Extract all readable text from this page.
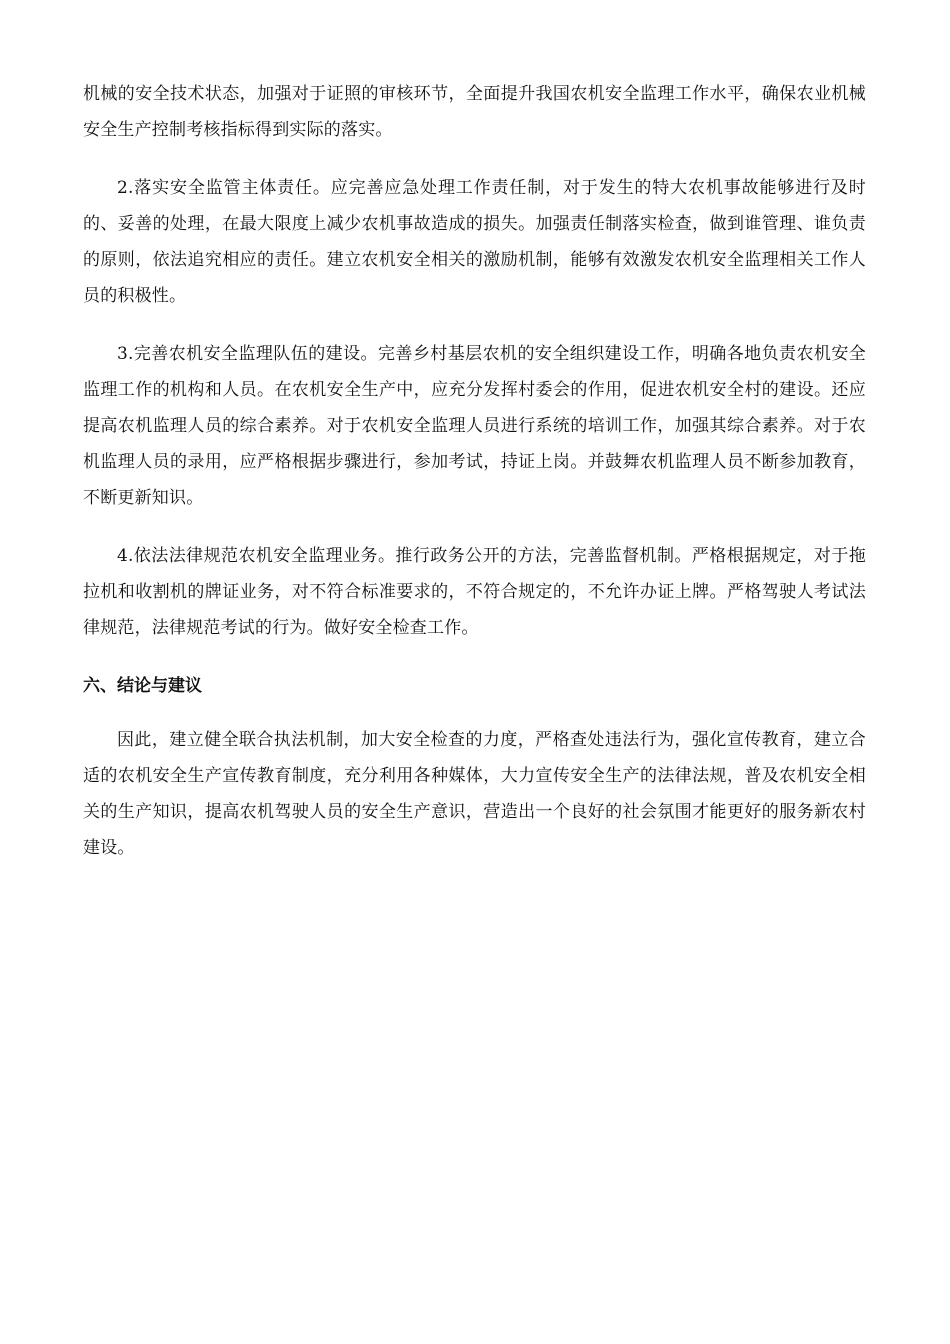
机械的安全技术状态，加强对于证照的审核环节，全面提升我国农机安全监理工作水平，确保农业机械安全生产控制考核指标得到实际的落实。

2.落实安全监管主体责任。应完善应急处理工作责任制，对于发生的特大农机事故能够进行及时的、妥善的处理，在最大限度上减少农机事故造成的损失。加强责任制落实检查，做到谁管理、谁负责的原则，依法追究相应的责任。建立农机安全相关的激励机制，能够有效激发农机安全监理相关工作人员的积极性。

3.完善农机安全监理队伍的建设。完善乡村基层农机的安全组织建设工作，明确各地负责农机安全监理工作的机构和人员。在农机安全生产中，应充分发挥村委会的作用，促进农机安全村的建设。还应提高农机监理人员的综合素养。对于农机安全监理人员进行系统的培训工作，加强其综合素养。对于农机监理人员的录用，应严格根据步骤进行，参加考试，持证上岗。并鼓舞农机监理人员不断参加教育，不断更新知识。

4.依法法律规范农机安全监理业务。推行政务公开的方法，完善监督机制。严格根据规定，对于拖拉机和收割机的牌证业务，对不符合标准要求的，不符合规定的，不允许办证上牌。严格驾驶人考试法律规范，法律规范考试的行为。做好安全检查工作。

六、结论与建议

因此，建立健全联合执法机制，加大安全检查的力度，严格查处违法行为，强化宣传教育，建立合适的农机安全生产宣传教育制度，充分利用各种媒体，大力宣传安全生产的法律法规，普及农机安全相关的生产知识，提高农机驾驶人员的安全生产意识，营造出一个良好的社会氛围才能更好的服务新农村建设。
